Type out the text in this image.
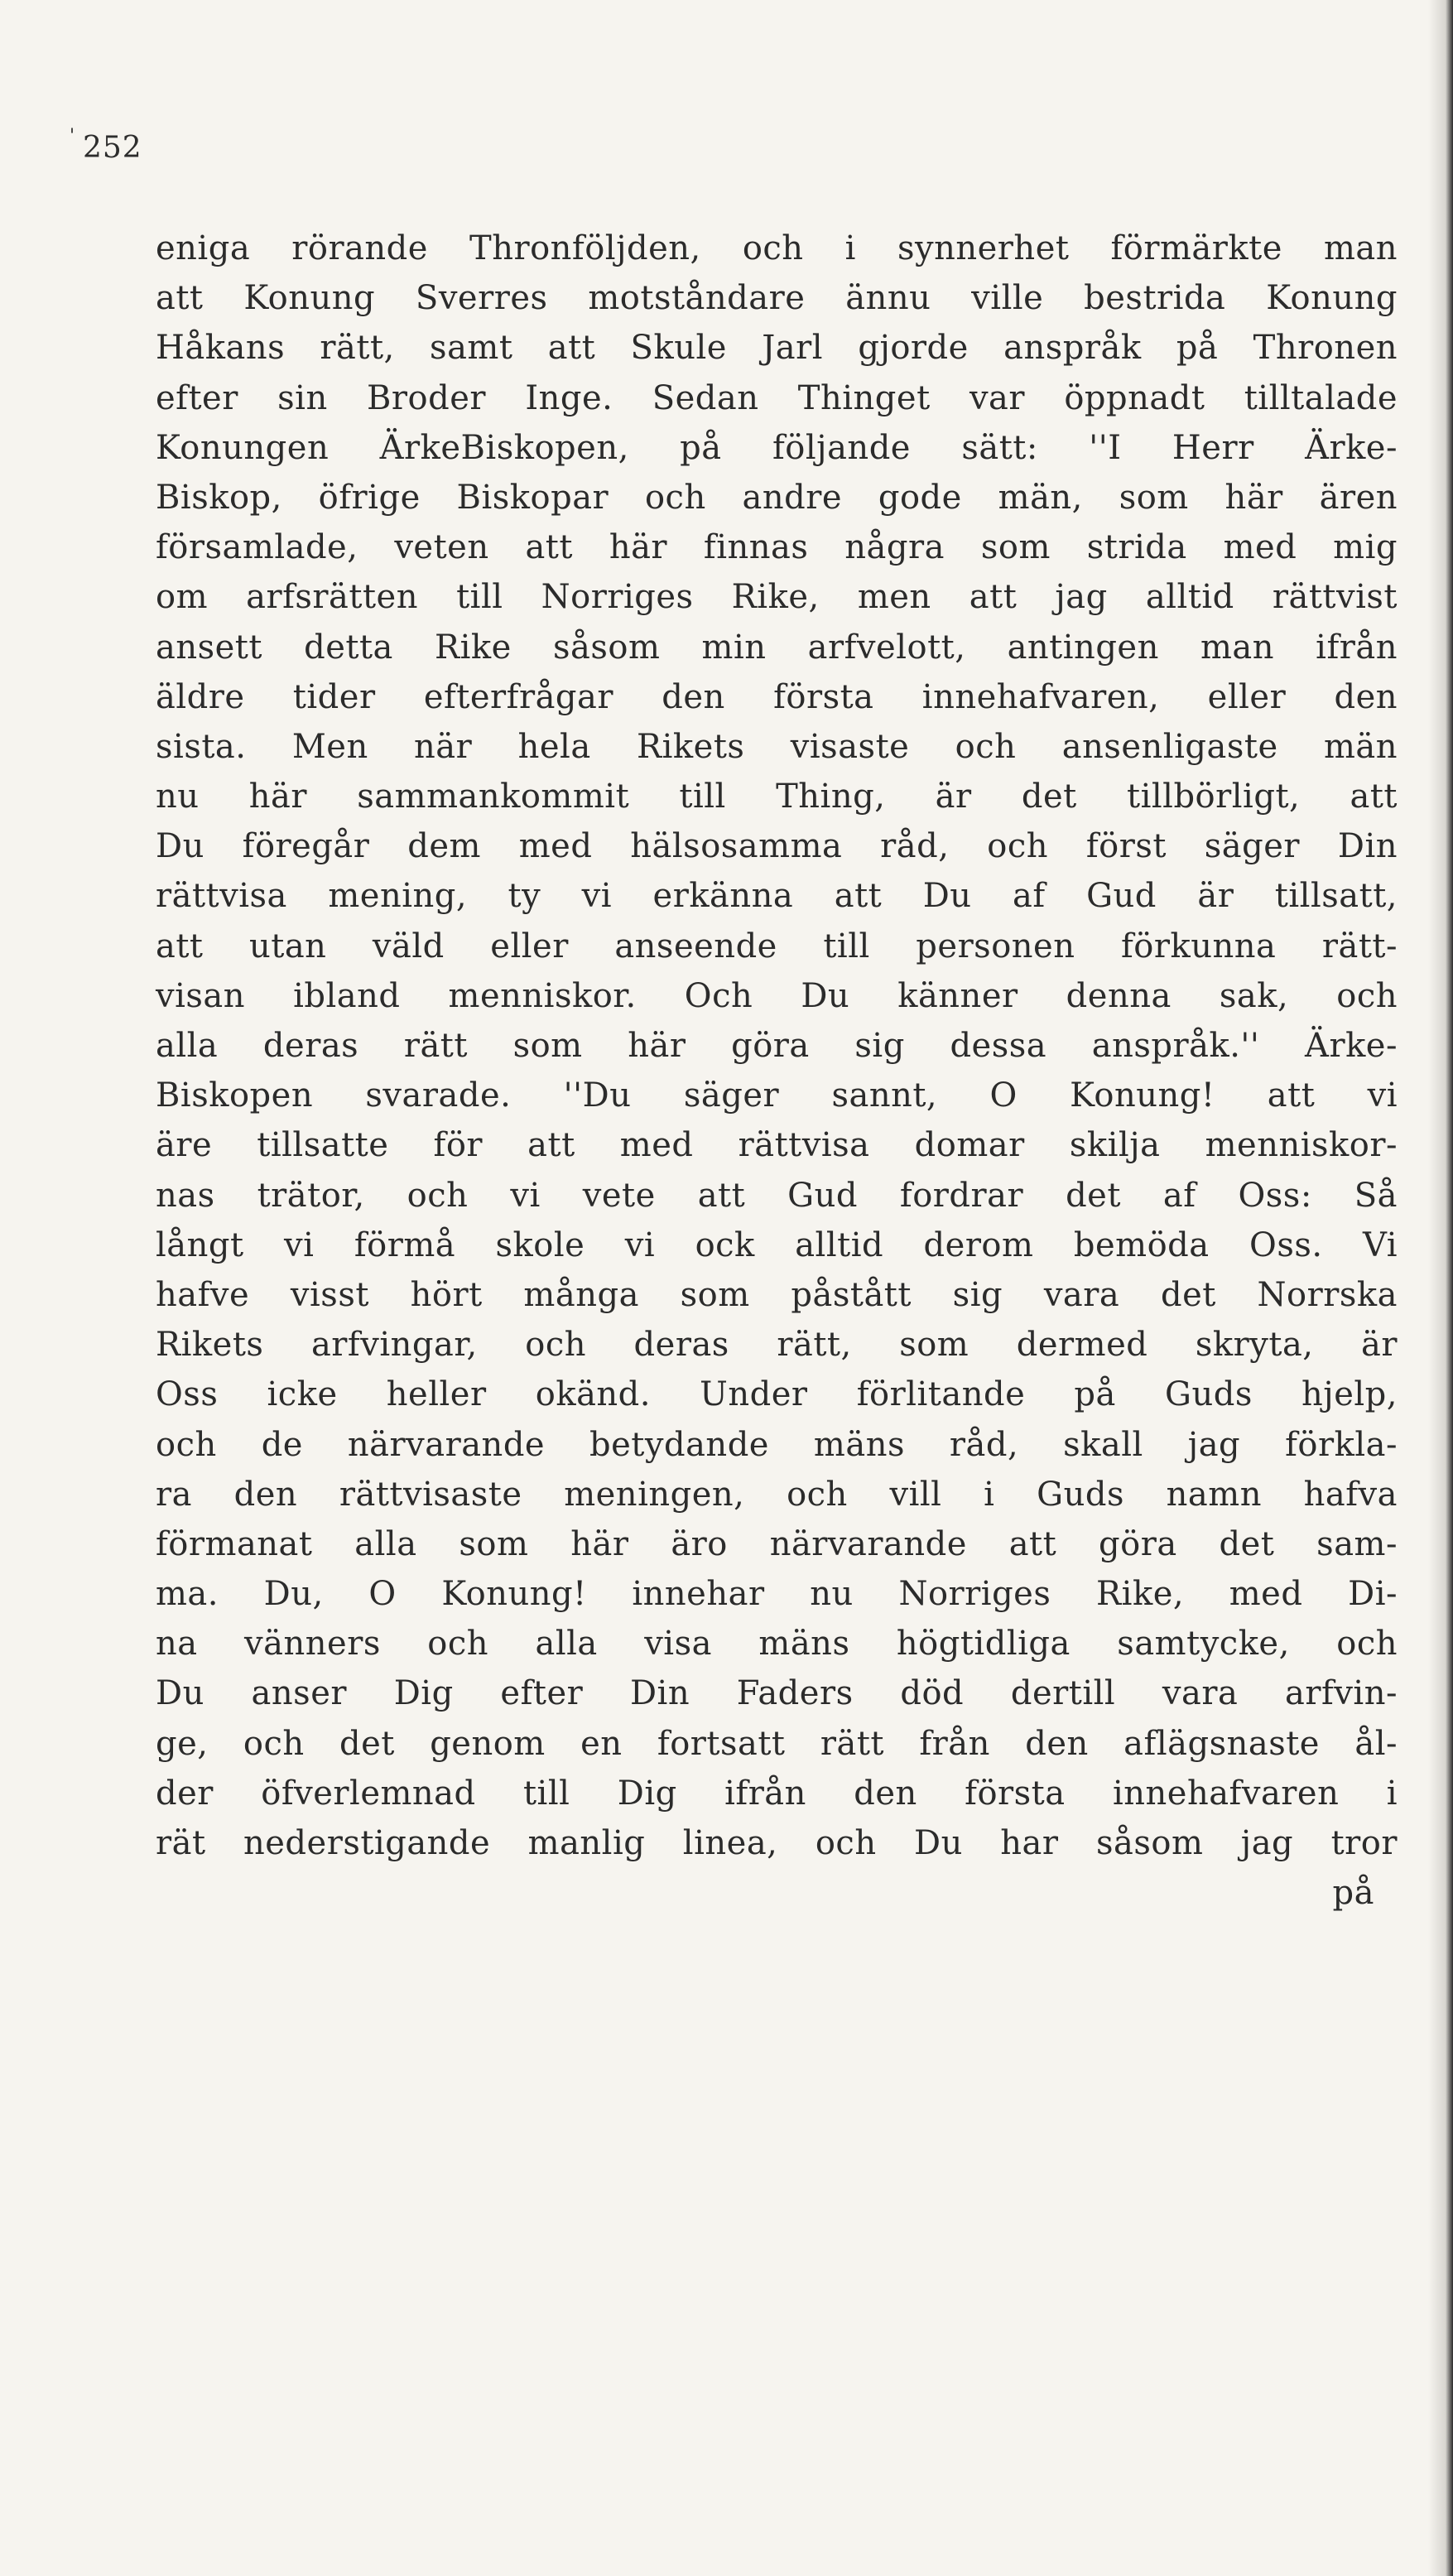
' 252
eniga rörande Thronföljden, och i synnerhet förmärkte man
att Konung Sverres motståndare ännu ville bestrida Konung
Håkans rätt, samt att Skule Jarl gjorde anspråk på Thronen
efter sin Broder Inge. Sedan Thinget var öppnadt tilltalade
Konungen ÄrkeBiskopen, på följande sätt: ''I Herr Ärke-
Biskop, öfrige Biskopar och andre gode män, som här ären
församlade, veten att här finnas några som strida med mig
om arfsrätten till Norriges Rike, men att jag alltid rättvist
ansett detta Rike såsom min arfvelott, antingen man ifrån
äldre tider efterfrågar den första innehafvaren, eller den
sista. Men när hela Rikets visaste och ansenligaste män
nu här sammankommit till Thing, är det tillbörligt, att
Du föregår dem med hälsosamma råd, och först säger Din
rättvisa mening, ty vi erkänna att Du af Gud är tillsatt,
att utan väld eller anseende till personen förkunna rätt-
visan ibland menniskor. Och Du känner denna sak, och
alla deras rätt som här göra sig dessa anspråk.'' Ärke-
Biskopen svarade. ''Du säger sannt, O Konung! att vi
äre tillsatte för att med rättvisa domar skilja menniskor-
nas trätor, och vi vete att Gud fordrar det af Oss: Så
långt vi förmå skole vi ock alltid derom bemöda Oss. Vi
hafve visst hört många som påstått sig vara det Norrska
Rikets arfvingar, och deras rätt, som dermed skryta, är
Oss icke heller okänd. Under förlitande på Guds hjelp,
och de närvarande betydande mäns råd, skall jag förkla-
ra den rättvisaste meningen, och vill i Guds namn hafva
förmanat alla som här äro närvarande att göra det sam-
ma. Du, O Konung! innehar nu Norriges Rike, med Di-
na vänners och alla visa mäns högtidliga samtycke, och
Du anser Dig efter Din Faders död dertill vara arfvin-
ge, och det genom en fortsatt rätt från den aflägsnaste ål-
der öfverlemnad till Dig ifrån den första innehafvaren i
rät nederstigande manlig linea, och Du har såsom jag tror
på
